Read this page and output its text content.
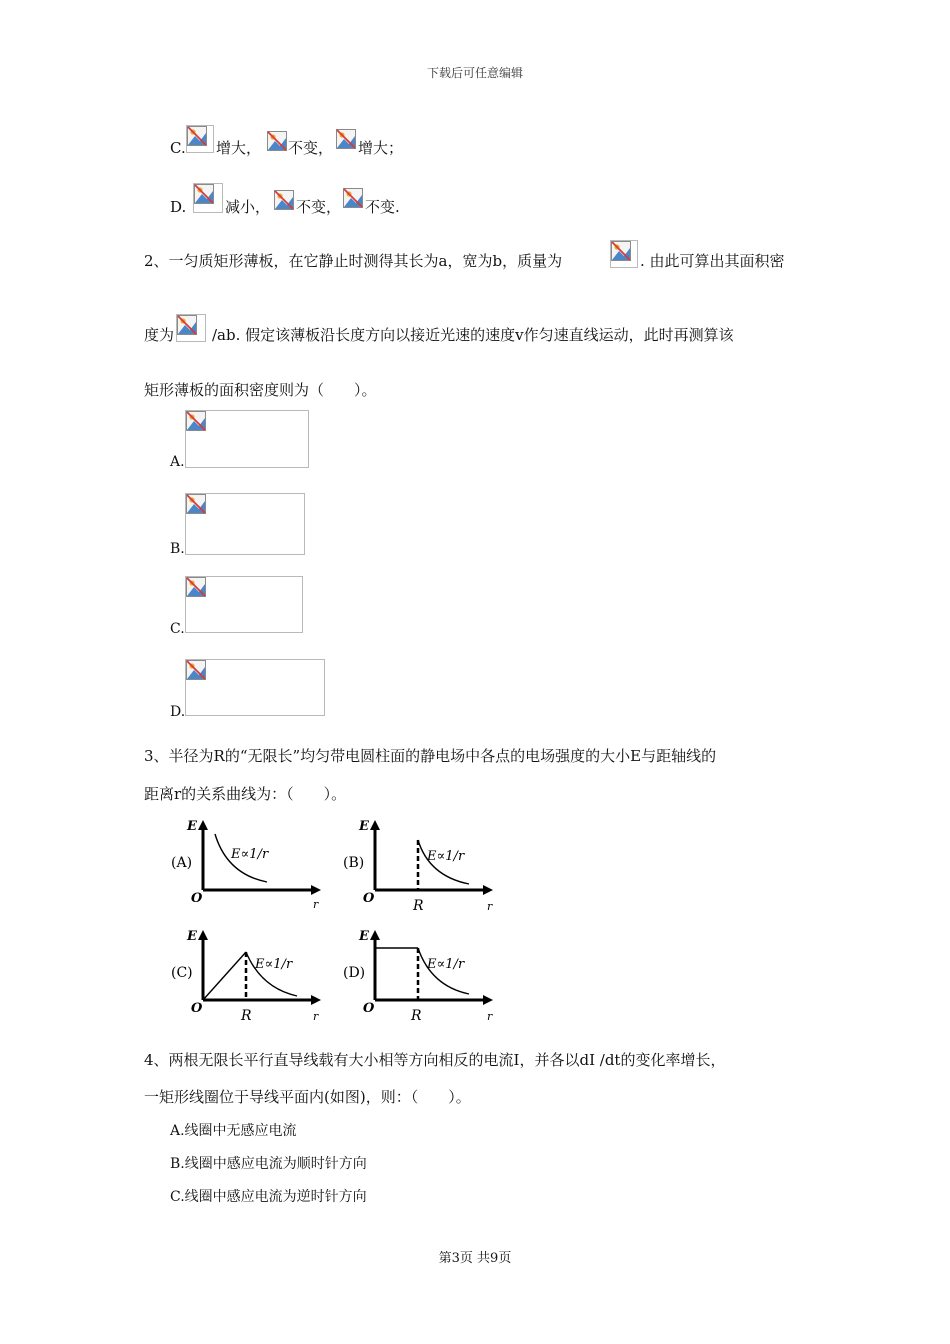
下载后可任意编辑
C. 增大， 不变， 增大；
D.	减小， 不变， 不变.
2、一匀质矩形薄板，在它静止时测得其长为a，宽为b，质量为	. 由此可算出其面积密
度为	/ab. 假定该薄板沿长度方向以接近光速的速度v作匀速直线运动，此时再测算该
矩形薄板的面积密度则为（　　）。
A.
B.
C.
D.
3、半径为R的“无限长”均匀带电圆柱面的静电场中各点的电场强度的大小E与距轴线的
距离r的关系曲线为：（　　）。
(A)
E
O	r
E∝1/r
(B)
E
O	R	r
E∝1/r
(C)
E
O	R	r
E∝1/r
(D)
E
O	R	r
E∝1/r
4、两根无限长平行直导线载有大小相等方向相反的电流I，并各以dI /dt的变化率增长，
一矩形线圈位于导线平面内(如图)，则：（　　）。
A.线圈中无感应电流
B.线圈中感应电流为顺时针方向
C.线圈中感应电流为逆时针方向
第3页 共9页
